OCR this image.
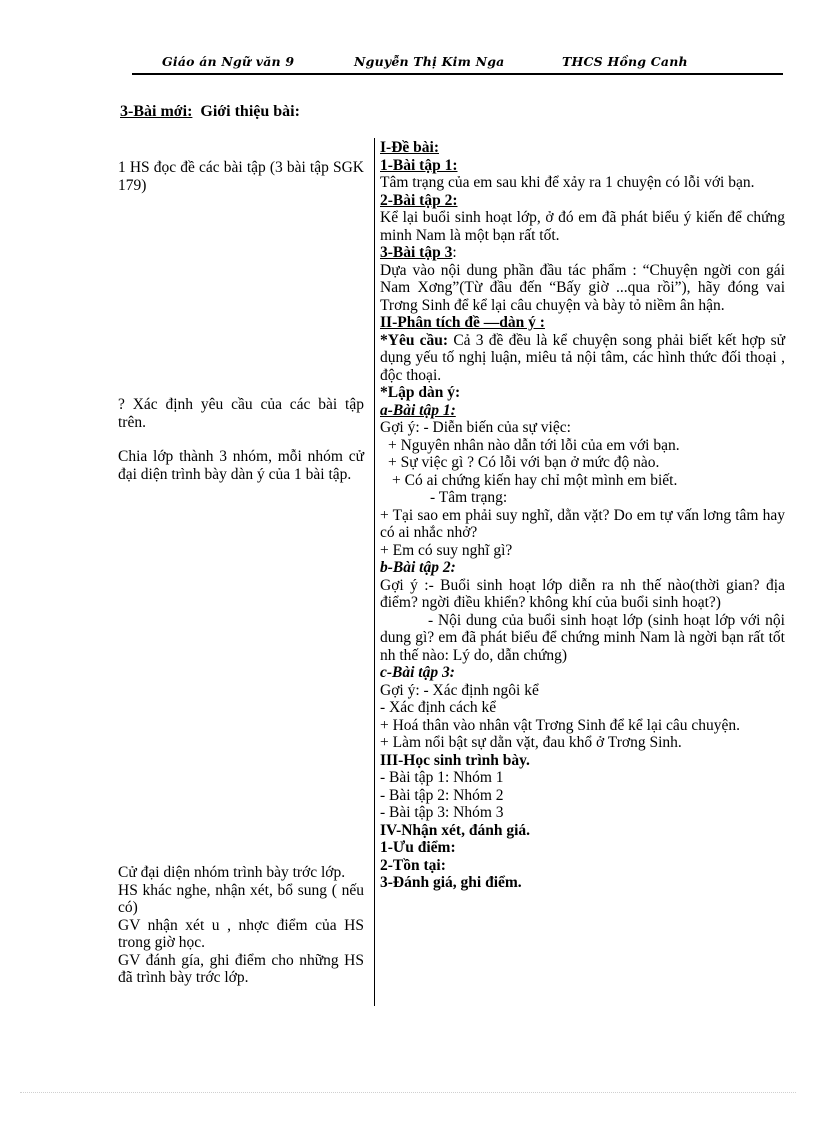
Giáo án Ngữ văn 9	Nguyễn Thị Kim Nga	THCS Hồng Canh
3-Bài mới: Giới thiệu bài:

1 HS đọc đề các bài tập (3 bài tập SGK 179)

? Xác định yêu cầu của các bài tập trên.

Chia lớp thành 3 nhóm, mỗi nhóm cử đại diện trình bày dàn ý của 1 bài tập.

Cử đại diện nhóm trình bày trớc lớp.

HS khác nghe, nhận xét, bổ sung ( nếu có)

GV nhận xét u , nhợc điểm của HS trong giờ học.

GV đánh gía, ghi điểm cho những HS đã trình bày trớc lớp.

I-Đề bài:

1-Bài tập 1:

Tâm trạng của em sau khi để xảy ra 1 chuyện có lỗi với bạn.

2-Bài tập 2:

Kể lại buổi sinh hoạt lớp, ở đó em đã phát biểu ý kiến để chứng minh Nam là một bạn rất tốt.

3-Bài tập 3:

Dựa vào nội dung phần đầu tác phẩm : “Chuyện ngời con gái Nam Xơng”(Từ đầu đến “Bấy giờ ...qua rồi”), hãy đóng vai Trơng Sinh để kể lại câu chuyện và bày tỏ niềm ân hận.

II-Phân tích đề —dàn ý :

*Yêu cầu: Cả 3 đề đều là kể chuyện song phải biết kết hợp sử dụng yếu tố nghị luận, miêu tả nội tâm, các hình thức đối thoại , độc thoại.

*Lập dàn ý:

a-Bài tập 1:

Gợi ý: - Diễn biến của sự việc:

+ Nguyên nhân nào dẫn tới lỗi của em với bạn.

+ Sự việc gì ? Có lỗi với bạn ở mức độ nào.

+ Có ai chứng kiến hay chỉ một mình em biết.

- Tâm trạng:

+ Tại sao em phải suy nghĩ, dằn vặt? Do em tự vấn lơng tâm hay có ai nhắc nhở?

+ Em có suy nghĩ gì?

b-Bài tập 2:

Gợi ý :- Buổi sinh hoạt lớp diễn ra nh thế nào(thời gian? địa điểm? ngời điều khiển? không khí của buổi sinh hoạt?)

- Nội dung của buổi sinh hoạt lớp (sinh hoạt lớp với nội dung gì? em đã phát biểu để chứng minh Nam là ngời bạn rất tốt nh thế nào: Lý do, dẫn chứng)

c-Bài tập 3:

Gợi ý: - Xác định ngôi kể

- Xác định cách kể

+ Hoá thân vào nhân vật Trơng Sinh để kể lại câu chuyện.

+ Làm nổi bật sự dằn vặt, đau khổ ở Trơng Sinh.

III-Học sinh trình bày.

- Bài tập 1: Nhóm 1

- Bài tập 2: Nhóm 2

- Bài tập 3: Nhóm 3

IV-Nhận xét, đánh giá.

1-Ưu điểm:

2-Tồn tại:

3-Đánh giá, ghi điểm.
